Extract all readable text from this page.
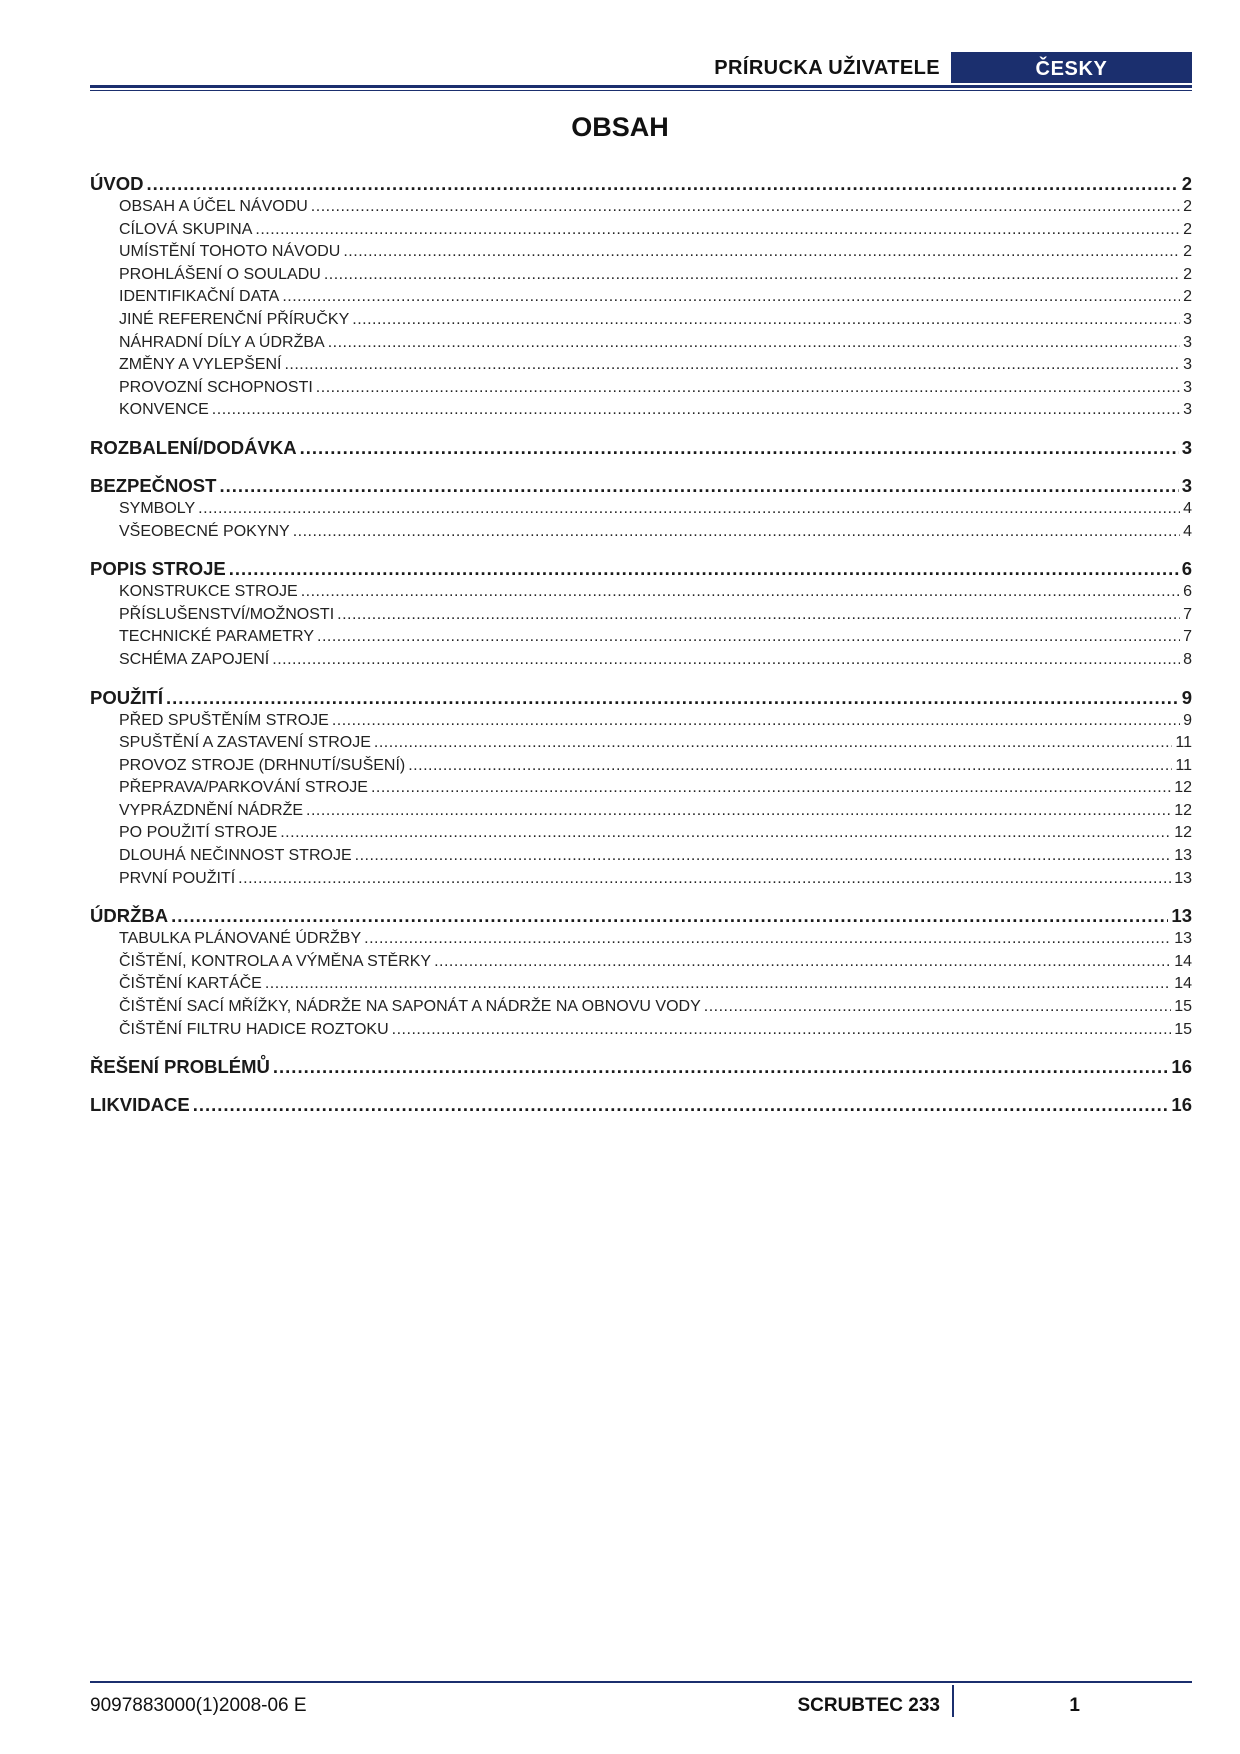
PRÍRUCKA UŽIVATELE	ČESKY
OBSAH
ÚVOD .....	2
OBSAH A ÚČEL NÁVODU .....	2
CÍLOVÁ SKUPINA .....	2
UMÍSTĚNÍ TOHOTO NÁVODU .....	2
PROHLÁŠENÍ O SOULADU .....	2
IDENTIFIKAČNÍ DATA .....	2
JINÉ REFERENČNÍ PŘÍRUČKY .....	3
NÁHRADNÍ DÍLY A ÚDRŽBA .....	3
ZMĚNY A VYLEPŠENÍ .....	3
PROVOZNÍ SCHOPNOSTI .....	3
KONVENCE .....	3
ROZBALENÍ/DODÁVKA .....	3
BEZPEČNOST .....	3
SYMBOLY .....	4
VŠEOBECNÉ POKYNY .....	4
POPIS STROJE .....	6
KONSTRUKCE STROJE .....	6
PŘÍSLUŠENSTVÍ/MOŽNOSTI .....	7
TECHNICKÉ PARAMETRY .....	7
SCHÉMA ZAPOJENÍ .....	8
POUŽITÍ .....	9
PŘED SPUŠTĚNÍM STROJE .....	9
SPUŠTĚNÍ A ZASTAVENÍ STROJE .....	11
PROVOZ STROJE (DRHNUTÍ/SUŠENÍ) .....	11
PŘEPRAVA/PARKOVÁNÍ STROJE .....	12
VYPRÁZDNĚNÍ NÁDRŽE .....	12
PO POUŽITÍ STROJE .....	12
DLOUHÁ NEČINNOST STROJE .....	13
PRVNÍ POUŽITÍ .....	13
ÚDRŽBA .....	13
TABULKA PLÁNOVANÉ ÚDRŽBY .....	13
ČIŠTĚNÍ, KONTROLA A VÝMĚNA STĚRKY .....	14
ČIŠTĚNÍ KARTÁČE .....	14
ČIŠTĚNÍ SACÍ MŘÍŽKY, NÁDRŽE NA SAPONÁT A NÁDRŽE NA OBNOVU VODY .....	15
ČIŠTĚNÍ FILTRU HADICE ROZTOKU .....	15
ŘEŠENÍ PROBLÉMŮ .....	16
LIKVIDACE .....	16
9097883000(1)2008-06 E	SCRUBTEC 233	1
